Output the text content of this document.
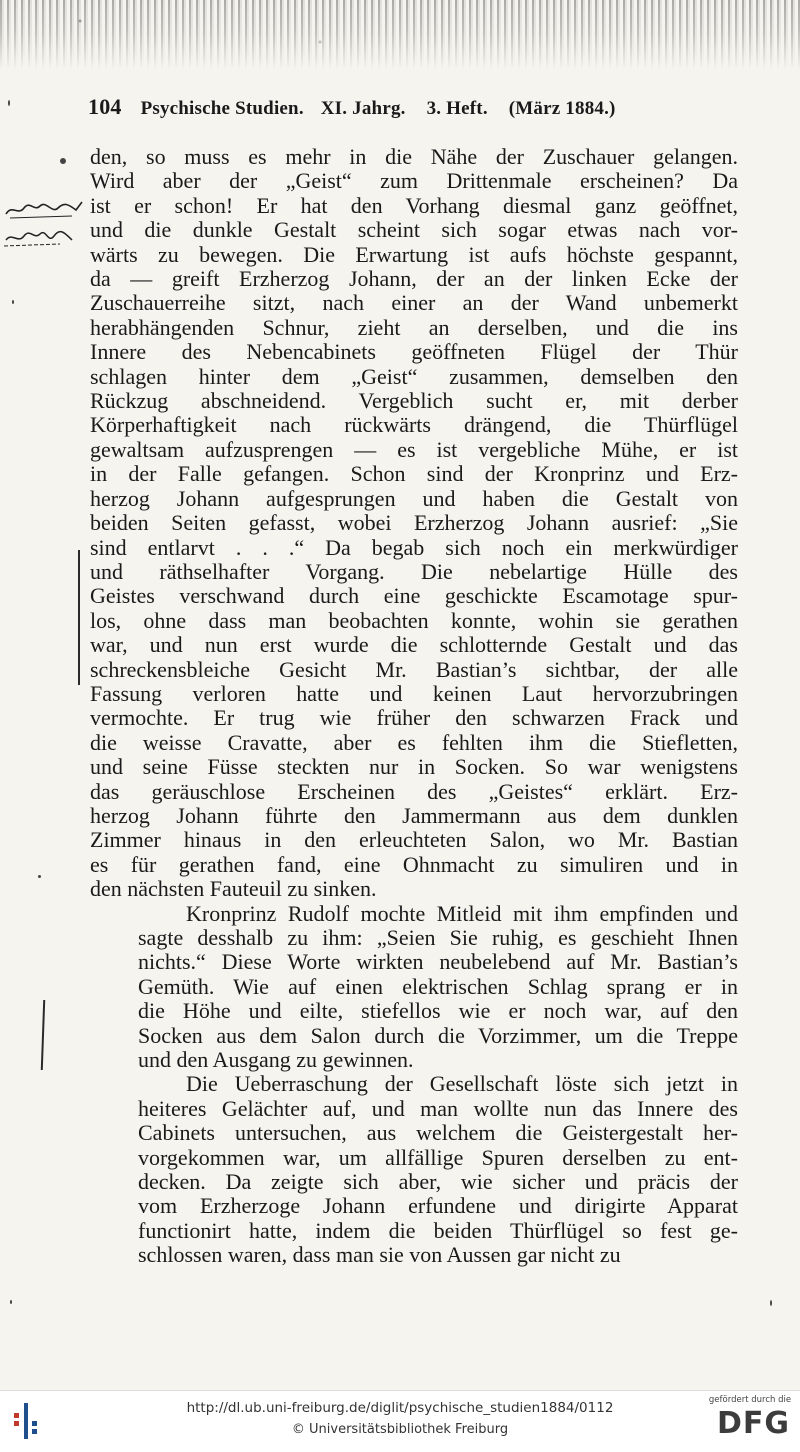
104 Psychische Studien. XI. Jahrg. 3. Heft. (März 1884.)

den, so muss es mehr in die Nähe der Zuschauer gelangen.
Wird aber der „Geist“ zum Drittenmale erscheinen? Da
ist er schon! Er hat den Vorhang diesmal ganz geöffnet,
und die dunkle Gestalt scheint sich sogar etwas nach vor-
wärts zu bewegen. Die Erwartung ist aufs höchste gespannt,
da — greift Erzherzog Johann, der an der linken Ecke der
Zuschauerreihe sitzt, nach einer an der Wand unbemerkt
herabhängenden Schnur, zieht an derselben, und die ins
Innere des Nebencabinets geöffneten Flügel der Thür
schlagen hinter dem „Geist“ zusammen, demselben den
Rückzug abschneidend. Vergeblich sucht er, mit derber
Körperhaftigkeit nach rückwärts drängend, die Thürflügel
gewaltsam aufzusprengen — es ist vergebliche Mühe, er ist
in der Falle gefangen. Schon sind der Kronprinz und Erz-
herzog Johann aufgesprungen und haben die Gestalt von
beiden Seiten gefasst, wobei Erzherzog Johann ausrief: „Sie
sind entlarvt . . .“ Da begab sich noch ein merkwürdiger
und räthselhafter Vorgang. Die nebelartige Hülle des
Geistes verschwand durch eine geschickte Escamotage spur-
los, ohne dass man beobachten konnte, wohin sie gerathen
war, und nun erst wurde die schlotternde Gestalt und das
schreckensbleiche Gesicht Mr. Bastian’s sichtbar, der alle
Fassung verloren hatte und keinen Laut hervorzubringen
vermochte. Er trug wie früher den schwarzen Frack und
die weisse Cravatte, aber es fehlten ihm die Stiefletten,
und seine Füsse steckten nur in Socken. So war wenigstens
das geräuschlose Erscheinen des „Geistes“ erklärt. Erz-
herzog Johann führte den Jammermann aus dem dunklen
Zimmer hinaus in den erleuchteten Salon, wo Mr. Bastian
es für gerathen fand, eine Ohnmacht zu simuliren und in
den nächsten Fauteuil zu sinken.

Kronprinz Rudolf mochte Mitleid mit ihm empfinden und
sagte desshalb zu ihm: „Seien Sie ruhig, es geschieht Ihnen
nichts.“ Diese Worte wirkten neubelebend auf Mr. Bastian’s
Gemüth. Wie auf einen elektrischen Schlag sprang er in
die Höhe und eilte, stiefellos wie er noch war, auf den
Socken aus dem Salon durch die Vorzimmer, um die Treppe
und den Ausgang zu gewinnen.

Die Ueberraschung der Gesellschaft löste sich jetzt in
heiteres Gelächter auf, und man wollte nun das Innere des
Cabinets untersuchen, aus welchem die Geistergestalt her-
vorgekommen war, um allfällige Spuren derselben zu ent-
decken. Da zeigte sich aber, wie sicher und präcis der
vom Erzherzoge Johann erfundene und dirigirte Apparat
functionirt hatte, indem die beiden Thürflügel so fest ge-
schlossen waren, dass man sie von Aussen gar nicht zu

http://dl.ub.uni-freiburg.de/diglit/psychische_studien1884/0112
© Universitätsbibliothek Freiburg
gefördert durch die
DFG
